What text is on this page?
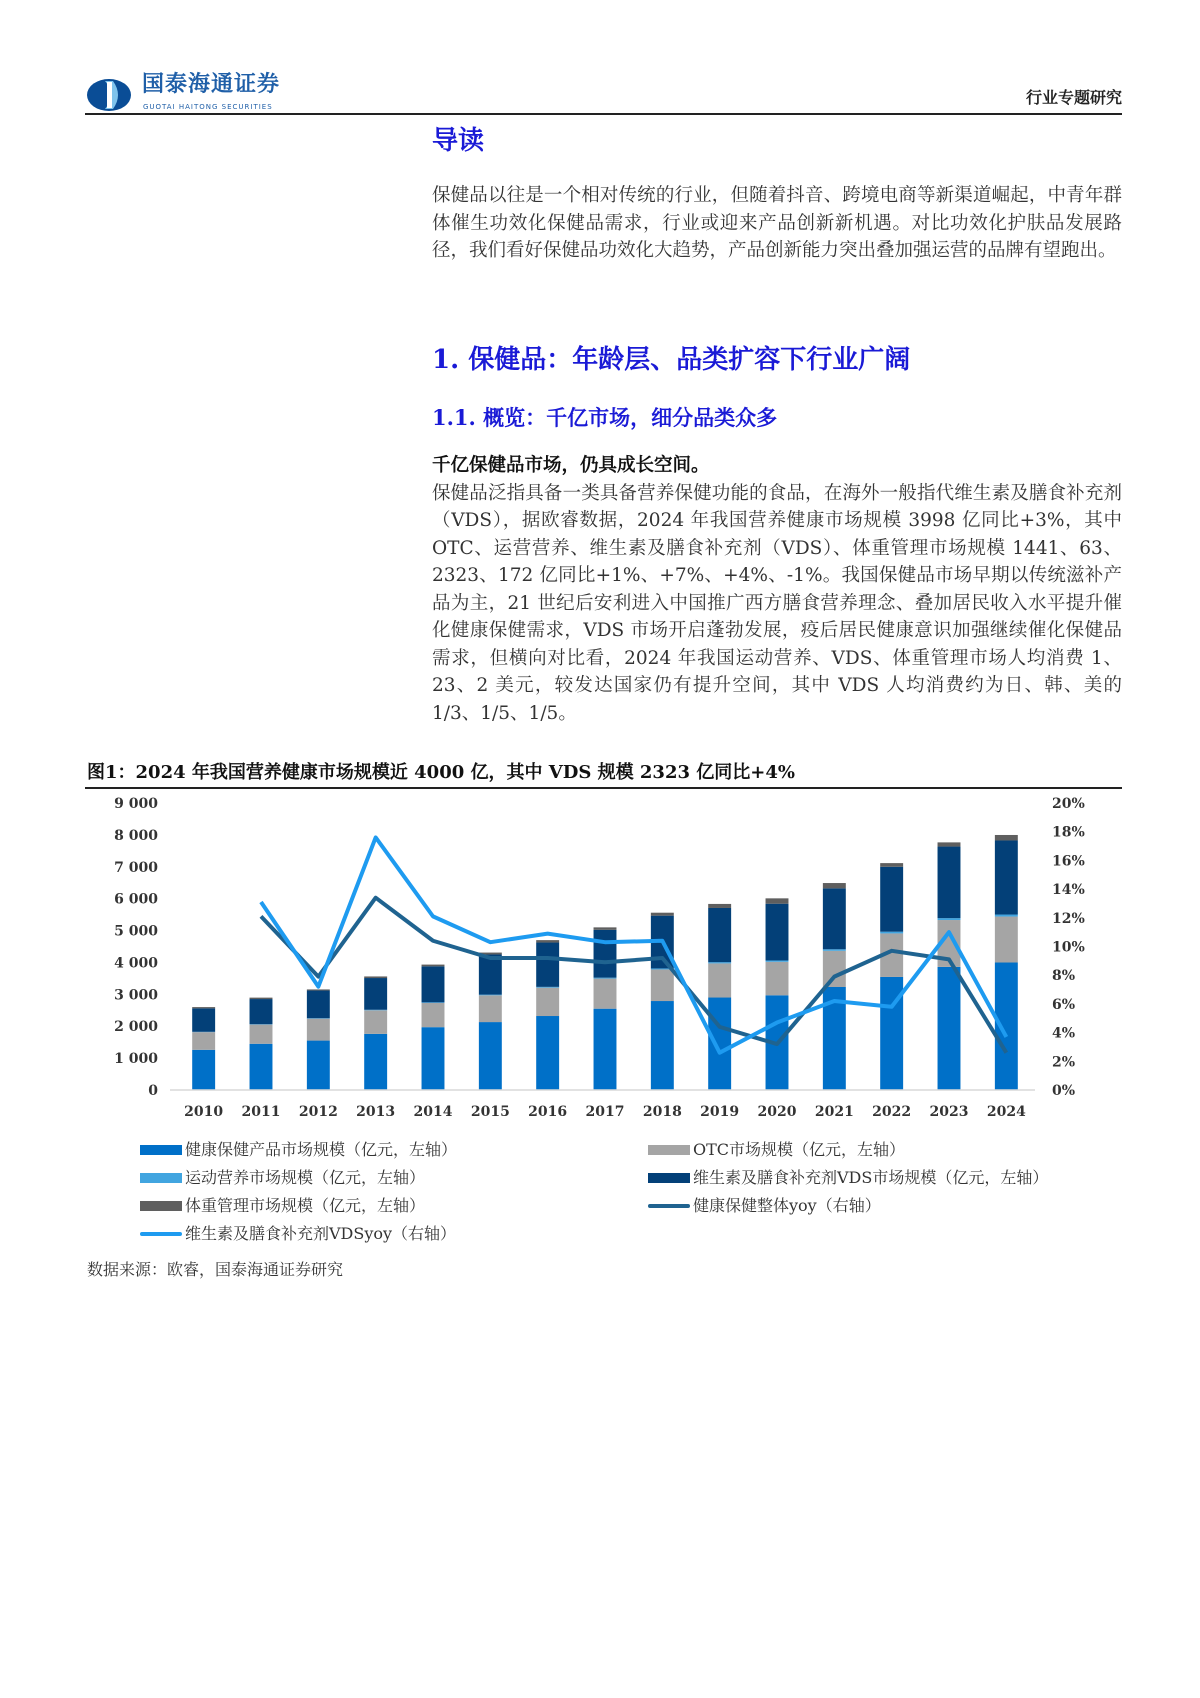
国泰海通证券
GUOTAI HAITONG SECURITIES	行业专题研究
导读
保健品以往是一个相对传统的行业，但随着抖音、跨境电商等新渠道崛起，中青年群体催生功效化保健品需求，行业或迎来产品创新新机遇。对比功效化护肤品发展路径，我们看好保健品功效化大趋势，产品创新能力突出叠加强运营的品牌有望跑出。
1. 保健品：年龄层、品类扩容下行业广阔
1.1. 概览：千亿市场，细分品类众多
千亿保健品市场，仍具成长空间。
保健品泛指具备一类具备营养保健功能的食品，在海外一般指代维生素及膳食补充剂（VDS），据欧睿数据，2024 年我国营养健康市场规模 3998 亿同比+3%，其中 OTC、运营营养、维生素及膳食补充剂（VDS）、体重管理市场规模 1441、63、2323、172 亿同比+1%、+7%、+4%、-1%。我国保健品市场早期以传统滋补产品为主，21 世纪后安利进入中国推广西方膳食营养理念、叠加居民收入水平提升催化健康保健需求，VDS 市场开启蓬勃发展，疫后居民健康意识加强继续催化保健品需求，但横向对比看，2024 年我国运动营养、VDS、体重管理市场人均消费 1、23、2 美元，较发达国家仍有提升空间，其中 VDS 人均消费约为日、韩、美的 1/3、1/5、1/5。
图1：2024 年我国营养健康市场规模近 4000 亿，其中 VDS 规模 2323 亿同比+4%
0
1 000
2 000
3 000
4 000
5 000
6 000
7 000
8 000
9 000
0%
2%
4%
6%
8%
10%
12%
14%
16%
18%
20%
2010 2011 2012 2013 2014 2015 2016 2017 2018 2019 2020 2021 2022 2023 2024
健康保健产品市场规模（亿元，左轴）	OTC市场规模（亿元，左轴）
运动营养市场规模（亿元，左轴）	维生素及膳食补充剂VDS市场规模（亿元，左轴）
体重管理市场规模（亿元，左轴）	健康保健整体yoy（右轴）
维生素及膳食补充剂VDSyoy（右轴）
数据来源：欧睿，国泰海通证券研究
